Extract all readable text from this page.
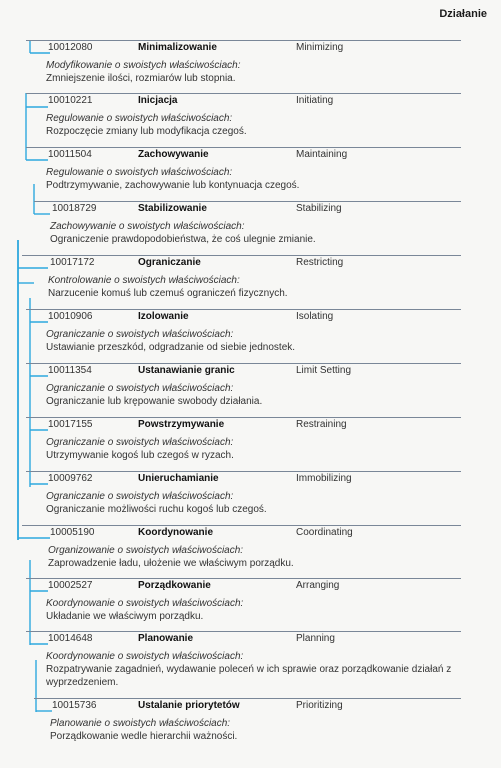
Działanie
10012080	Minimalizowanie	Minimizing
Modyfikowanie o swoistych właściwościach:
Zmniejszenie ilości, rozmiarów lub stopnia.
10010221	Inicjacja	Initiating
Regulowanie o swoistych właściwościach:
Rozpoczęcie zmiany lub modyfikacja czegoś.
10011504	Zachowywanie	Maintaining
Regulowanie o swoistych właściwościach:
Podtrzymywanie, zachowywanie lub kontynuacja czegoś.
10018729	Stabilizowanie	Stabilizing
Zachowywanie o swoistych właściwościach:
Ograniczenie prawdopodobieństwa, że coś ulegnie zmianie.
10017172	Ograniczanie	Restricting
Kontrolowanie o swoistych właściwościach:
Narzucenie komuś lub czemuś ograniczeń fizycznych.
10010906	Izolowanie	Isolating
Ograniczanie o swoistych właściwościach:
Ustawianie przeszkód, odgradzanie od siebie jednostek.
10011354	Ustanawianie granic	Limit Setting
Ograniczanie o swoistych właściwościach:
Ograniczanie lub krępowanie swobody działania.
10017155	Powstrzymywanie	Restraining
Ograniczanie o swoistych właściwościach:
Utrzymywanie kogoś lub czegoś w ryzach.
10009762	Unieruchamianie	Immobilizing
Ograniczanie o swoistych właściwościach:
Ograniczanie możliwości ruchu kogoś lub czegoś.
10005190	Koordynowanie	Coordinating
Organizowanie o swoistych właściwościach:
Zaprowadzenie ładu, ułożenie we właściwym porządku.
10002527	Porządkowanie	Arranging
Koordynowanie o swoistych właściwościach:
Układanie we właściwym porządku.
10014648	Planowanie	Planning
Koordynowanie o swoistych właściwościach:
Rozpatrywanie zagadnień, wydawanie poleceń w ich sprawie oraz porządkowanie działań z wyprzedzeniem.
10015736	Ustalanie priorytetów	Prioritizing
Planowanie o swoistych właściwościach:
Porządkowanie wedle hierarchii ważności.
